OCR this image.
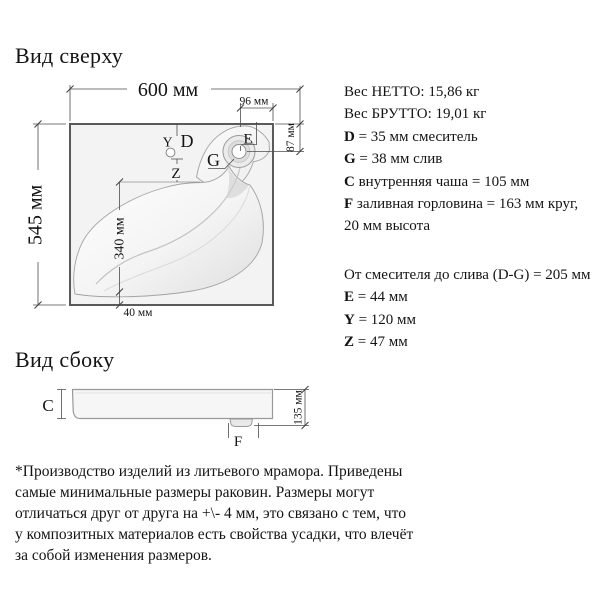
600 мм
96 мм
87 мм
545 мм	340 мм
40 мм
Y D
Z
G
E
C
F
135 мм
Вид сверху
Вид сбоку
Вес НЕТТО: 15,86 кг
Вес БРУТТО: 19,01 кг
D = 35 мм смеситель
G = 38 мм слив
C внутренняя чаша = 105 мм
F заливная горловина = 163 мм круг, 20 мм высота
От смесителя до слива (D-G) = 205 мм
E = 44 мм
Y = 120 мм
Z = 47 мм
*Производство изделий из литьевого мрамора. Приведены
самые минимальные размеры раковин. Размеры могут
отличаться друг от друга на +\- 4 мм, это связано с тем, что
у композитных материалов есть свойства усадки, что влечёт
за собой изменения размеров.
